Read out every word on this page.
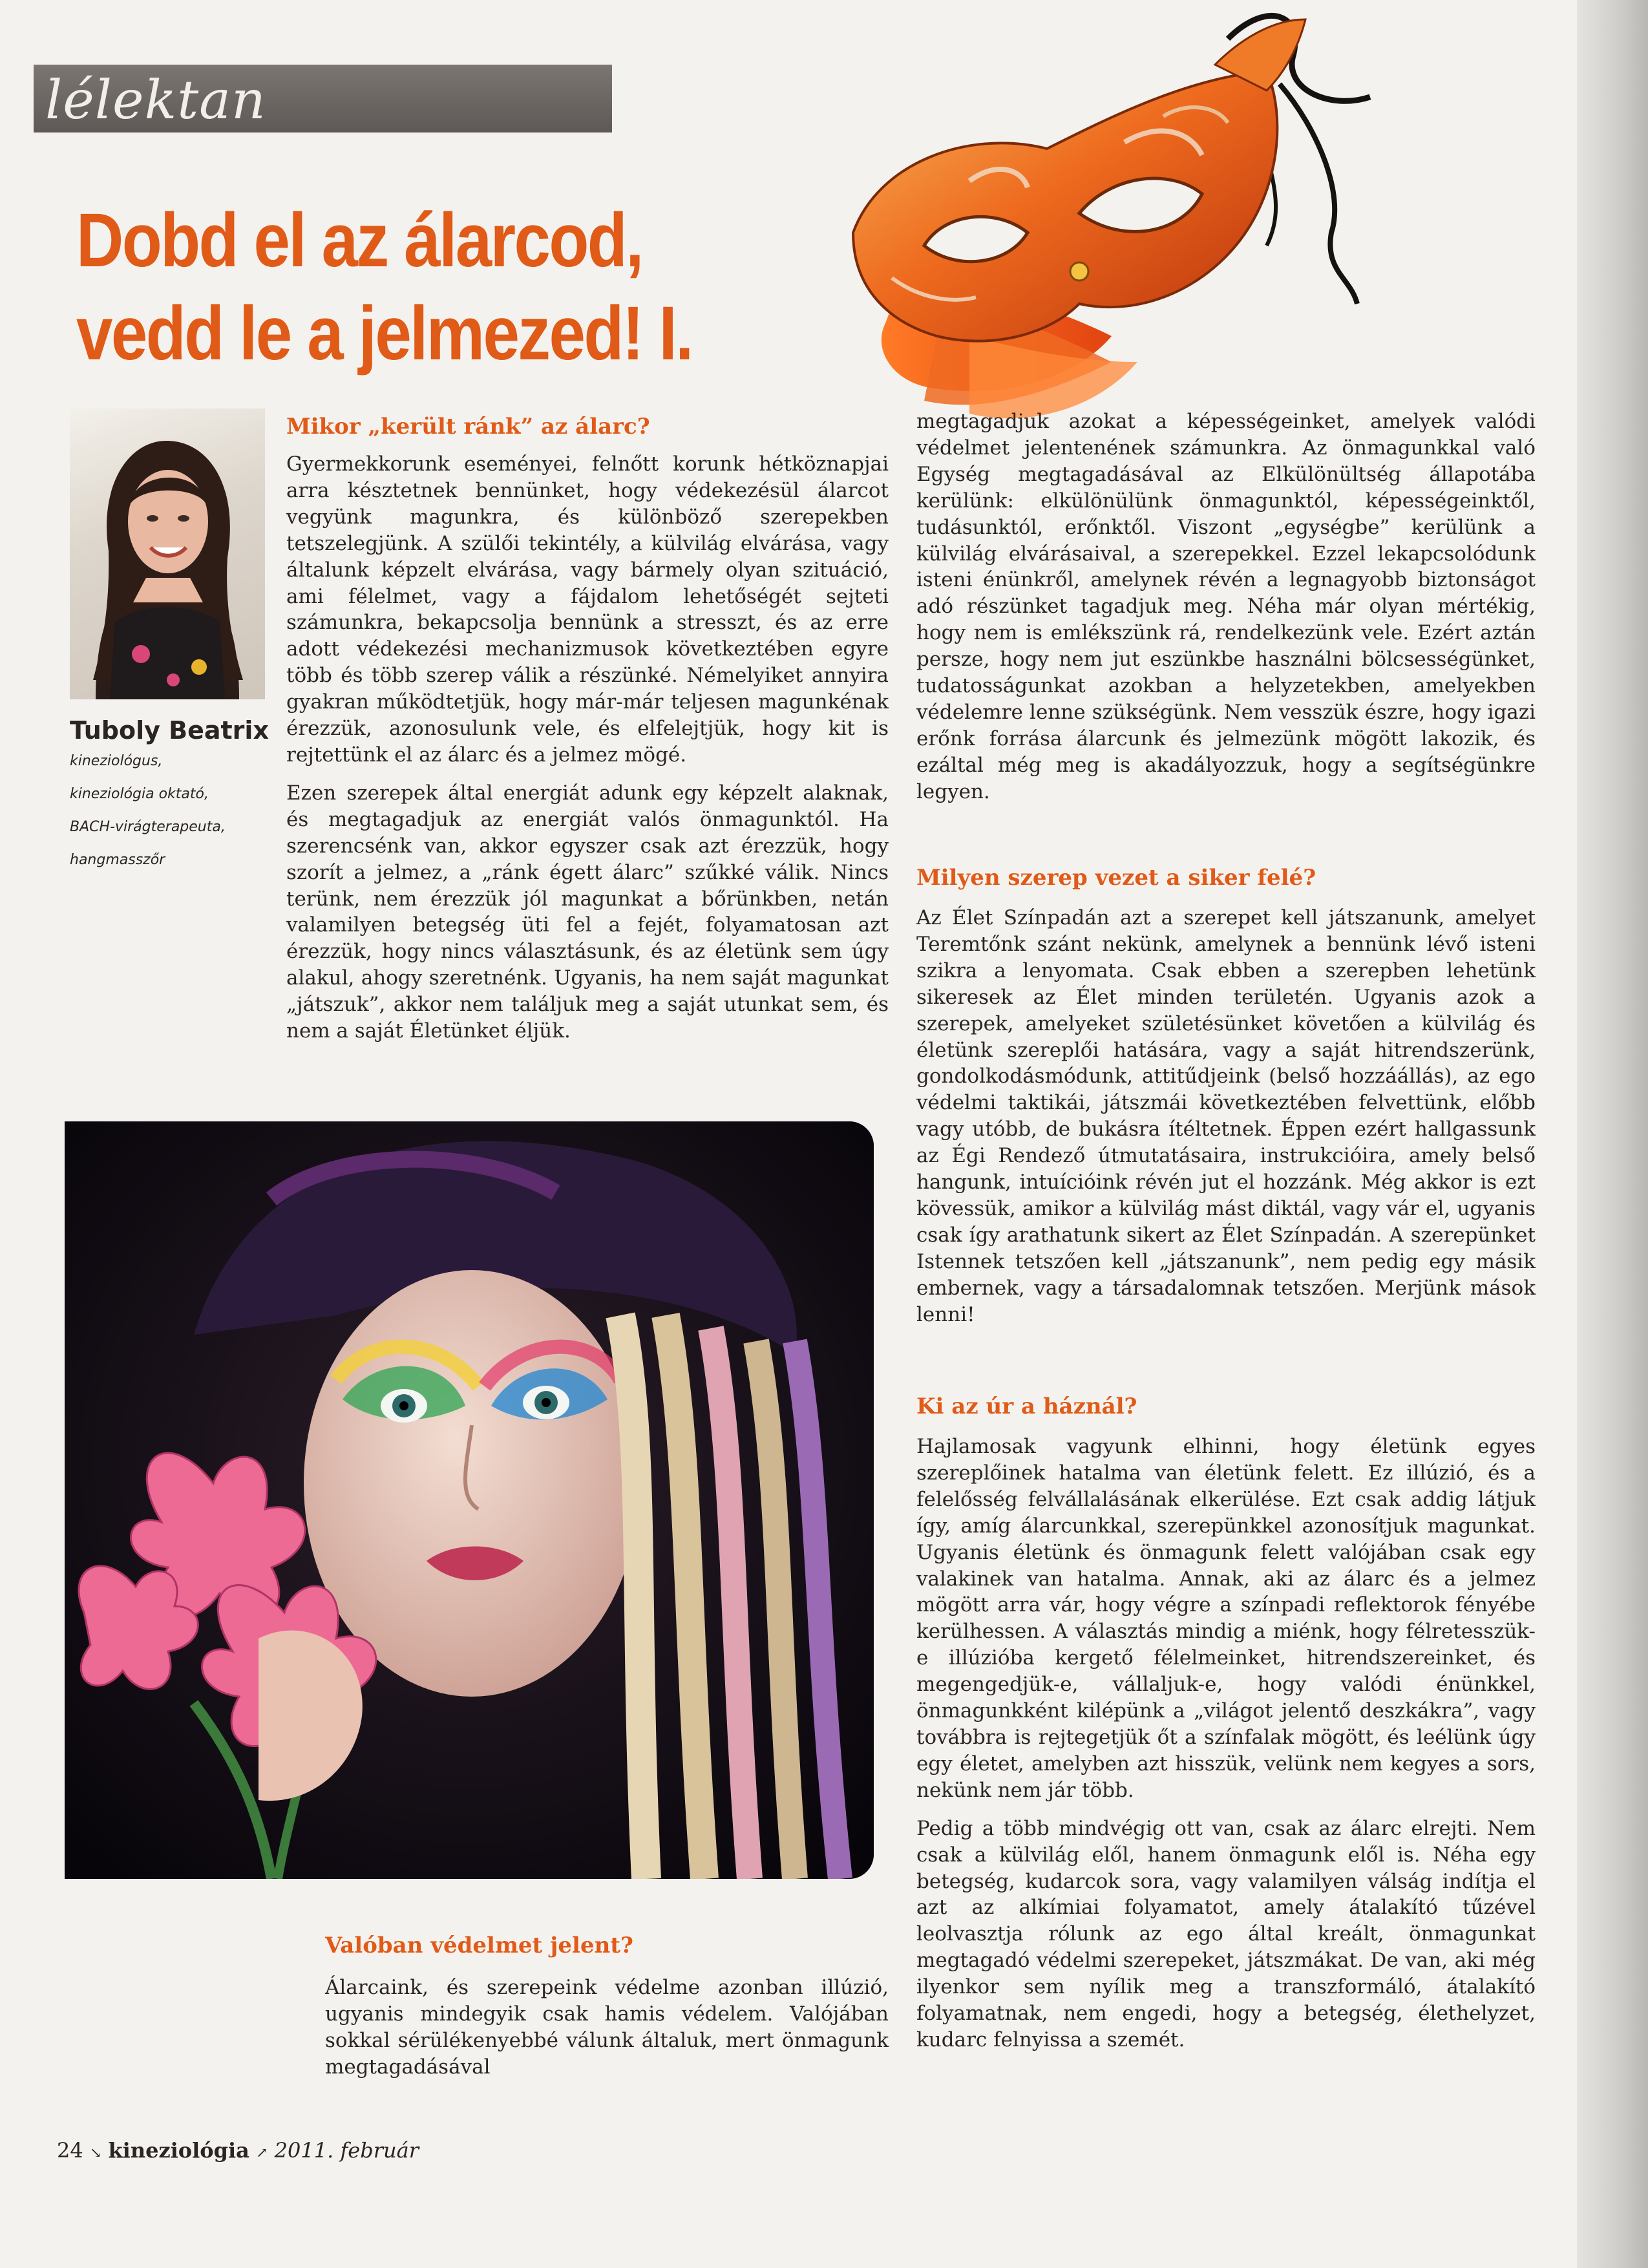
lélektan
Dobd el az álarcod,
vedd le a jelmezed! I.
Tuboly Beatrix
kineziológus,
kineziológia oktató,
BACH-virágterapeuta,
hangmasszőr
Mikor „került ránk” az álarc?

Gyermekkorunk eseményei, felnőtt korunk hétköznapjai arra késztetnek bennünket, hogy védekezésül álarcot vegyünk magunkra, és különböző szerepekben tetszelegjünk. A szülői tekintély, a külvilág elvárása, vagy általunk képzelt elvárása, vagy bármely olyan szituáció, ami félelmet, vagy a fájdalom lehetőségét sejteti számunkra, bekapcsolja bennünk a stresszt, és az erre adott védekezési mechanizmusok következtében egyre több és több szerep válik a részünké. Némelyiket annyira gyakran működtetjük, hogy már-már teljesen magunkénak érezzük, azonosulunk vele, és elfelejtjük, hogy kit is rejtettünk el az álarc és a jelmez mögé.

Ezen szerepek által energiát adunk egy képzelt alaknak, és megtagadjuk az energiát valós önmagunktól. Ha szerencsénk van, akkor egyszer csak azt érezzük, hogy szorít a jelmez, a „ránk égett álarc” szűkké válik. Nincs terünk, nem érezzük jól magunkat a bőrünkben, netán valamilyen betegség üti fel a fejét, folyamatosan azt érezzük, hogy nincs választásunk, és az életünk sem úgy alakul, ahogy szeretnénk. Ugyanis, ha nem saját magunkat „játszuk”, akkor nem találjuk meg a saját utunkat sem, és nem a saját Életünket éljük.

Valóban védelmet jelent?

Álarcaink, és szerepeink védelme azonban illúzió, ugyanis mindegyik csak hamis védelem. Valójában sokkal sérülékenyebbé válunk általuk, mert önmagunk megtagadásával

megtagadjuk azokat a képességeinket, amelyek valódi védelmet jelentenének számunkra. Az önmagunkkal való Egység megtagadásával az Elkülönültség állapotába kerülünk: elkülönülünk önmagunktól, képességeinktől, tudásunktól, erőnktől. Viszont „egységbe” kerülünk a külvilág elvárásaival, a szerepekkel. Ezzel lekapcsolódunk isteni énünkről, amelynek révén a legnagyobb biztonságot adó részünket tagadjuk meg. Néha már olyan mértékig, hogy nem is emlékszünk rá, rendelkezünk vele. Ezért aztán persze, hogy nem jut eszünkbe használni bölcsességünket, tudatosságunkat azokban a helyzetekben, amelyekben védelemre lenne szükségünk. Nem vesszük észre, hogy igazi erőnk forrása álarcunk és jelmezünk mögött lakozik, és ezáltal még meg is akadályozzuk, hogy a segítségünkre legyen.

Milyen szerep vezet a siker felé?

Az Élet Színpadán azt a szerepet kell játszanunk, amelyet Teremtőnk szánt nekünk, amelynek a bennünk lévő isteni szikra a lenyomata. Csak ebben a szerepben lehetünk sikeresek az Élet minden területén. Ugyanis azok a szerepek, amelyeket születésünket követően a külvilág és életünk szereplői hatására, vagy a saját hitrendszerünk, gondolkodásmódunk, attitűdjeink (belső hozzáállás), az ego védelmi taktikái, játszmái következtében felvettünk, előbb vagy utóbb, de bukásra ítéltetnek. Éppen ezért hallgassunk az Égi Rendező útmutatásaira, instrukcióira, amely belső hangunk, intuícióink révén jut el hozzánk. Még akkor is ezt kövessük, amikor a külvilág mást diktál, vagy vár el, ugyanis csak így arathatunk sikert az Élet Színpadán. A szerepünket Istennek tetszően kell „játszanunk”, nem pedig egy másik embernek, vagy a társadalomnak tetszően. Merjünk mások lenni!

Ki az úr a háznál?

Hajlamosak vagyunk elhinni, hogy életünk egyes szereplőinek hatalma van életünk felett. Ez illúzió, és a felelősség felvállalásának elkerülése. Ezt csak addig látjuk így, amíg álarcunkkal, szerepünkkel azonosítjuk magunkat. Ugyanis életünk és önmagunk felett valójában csak egy valakinek van hatalma. Annak, aki az álarc és a jelmez mögött arra vár, hogy végre a színpadi reflektorok fényébe kerülhessen. A választás mindig a miénk, hogy félretesszük-e illúzióba kergető félelmeinket, hitrendszereinket, és megengedjük-e, vállaljuk-e, hogy valódi énünkkel, önmagunkként kilépünk a „világot jelentő deszkákra”, vagy továbbra is rejtegetjük őt a színfalak mögött, és leélünk úgy egy életet, amelyben azt hisszük, velünk nem kegyes a sors, nekünk nem jár több.

Pedig a több mindvégig ott van, csak az álarc elrejti. Nem csak a külvilág elől, hanem önmagunk elől is. Néha egy betegség, kudarcok sora, vagy valamilyen válság indítja el azt az alkímiai folyamatot, amely átalakító tűzével leolvasztja rólunk az ego által kreált, önmagunkat megtagadó védelmi szerepeket, játszmákat. De van, aki még ilyenkor sem nyílik meg a transzformáló, átalakító folyamatnak, nem engedi, hogy a betegség, élethelyzet, kudarc felnyissa a szemét.

24 ↘ kineziológia ↗ 2011. február
